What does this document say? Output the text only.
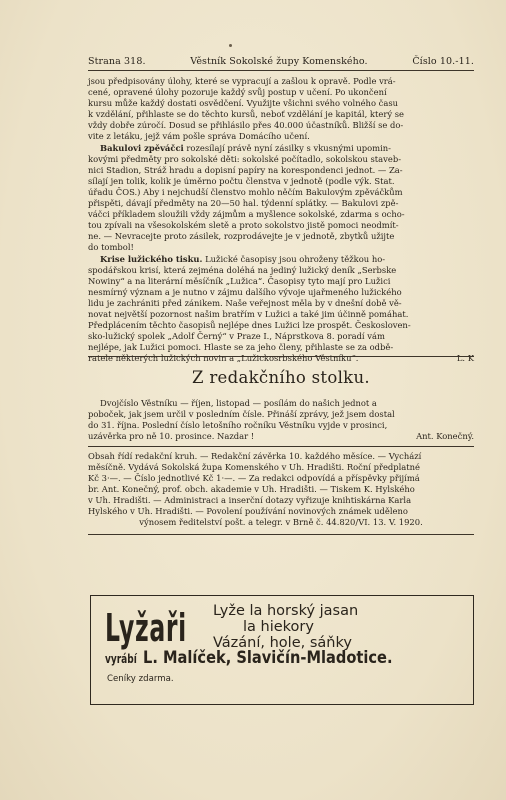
Strana 318.	Věstník Sokolské župy Komenského.	Číslo 10.-11.

jsou předpisovány úlohy, které se vypracují a zašlou k opravě. Podle vrá-

cené, opravené úlohy pozoruje každý svůj postup v učení. Po ukončení

kursu může každý dostati osvědčení. Využijte všichni svého volného času

k vzdělání, přihlaste se do těchto kursů, neboť vzdělání je kapitál, který se

vždy dobře zúročí. Dosud se přihlásilo přes 40.000 účastníků. Bližší se do-

vite z letáku, jejž vám pošle správa Domácího učení.

Bakulovi zpěváčci rozesílají právě nyní zásilky s vkusnými upomin-

kovými předměty pro sokolské děti: sokolské počítadlo, sokolskou staveb-

nici Stadion, Stráž hradu a dopisní papíry na korespondenci jednot. — Za-

sílají jen tolik, kolik je úměrno počtu členstva v jednotě (podle výk. Stat.

úřadu ČOS.) Aby i nejchudší členstvo mohlo něčím Bakulovým zpěváčkům

přispěti, dávají předměty na 20—50 hal. týdenní splátky. — Bakulovi zpě-

váčci příkladem sloužili vždy zájmům a myšlence sokolské, zdarma s ocho-

tou zpívali na všesokolském sletě a proto sokolstvo jistě pomoci neodmít-

ne. — Nevracejte proto zásilek, rozprodávejte je v jednotě, zbytků užijte

do tombol!

Krise lužického tisku. Lužické časopisy jsou ohroženy těžkou ho-

spodářskou krisí, která zejména doléhá na jediný lužický deník „Serbske

Nowiny“ a na literární měsíčník „Lužica“. Časopisy tyto mají pro Lužici

nesmírný význam a je nutno v zájmu dalšího vývoje ujařmeného lužického

lidu je zachrániti před zánikem. Naše veřejnost měla by v dnešní době vě-

novat největší pozornost našim bratřím v Lužici a také jim účinně pomáhat.

Předplácením těchto časopisů nejlépe dnes Lužici lze prospět. Českosloven-

sko-lužický spolek „Adolf Černý“ v Praze I., Náprstkova 8. poradí vám

nejlépe, jak Lužici pomoci. Hlaste se za jeho členy, přihlaste se za odbě-

ratele některých lužických novin a „Lužickosrbského Věstníku“.	L. K

Z redakčního stolku.

Dvojčíslo Věstníku — říjen, listopad — posílám do našich jednot a

poboček, jak jsem určil v posledním čísle. Přináší zprávy, jež jsem dostal

do 31. října. Poslední číslo letošního ročníku Věstníku vyjde v prosinci,

uzávěrka pro ně 10. prosince. Nazdar !	Ant. Konečný.

Obsah řídí redakční kruh. — Redakční závěrka 10. každého měsíce. — Vychází

měsíčně. Vydává Sokolská župa Komenského v Uh. Hradišti. Roční předplatné

Kč 3·—. — Číslo jednotlivé Kč 1·—. — Za redakci odpovídá a příspěvky přijímá

br. Ant. Konečný, prof. obch. akademie v Uh. Hradišti. — Tiskem K. Hylského

v Uh. Hradišti. — Administraci a inserční dotazy vyřizuje knihtiskárna Karla

Hylského v Uh. Hradišti. — Povolení používání novinových známek uděleno

výnosem ředitelství pošt. a telegr. v Brně č. 44.820/VI. 13. V. 1920.

Lyžaři Lyže la horský jasan
la hiekory
Vázání, hole, sáňky
vyrábíL. Malíček, Slavičín-Mladotice.
Ceníky zdarma.
